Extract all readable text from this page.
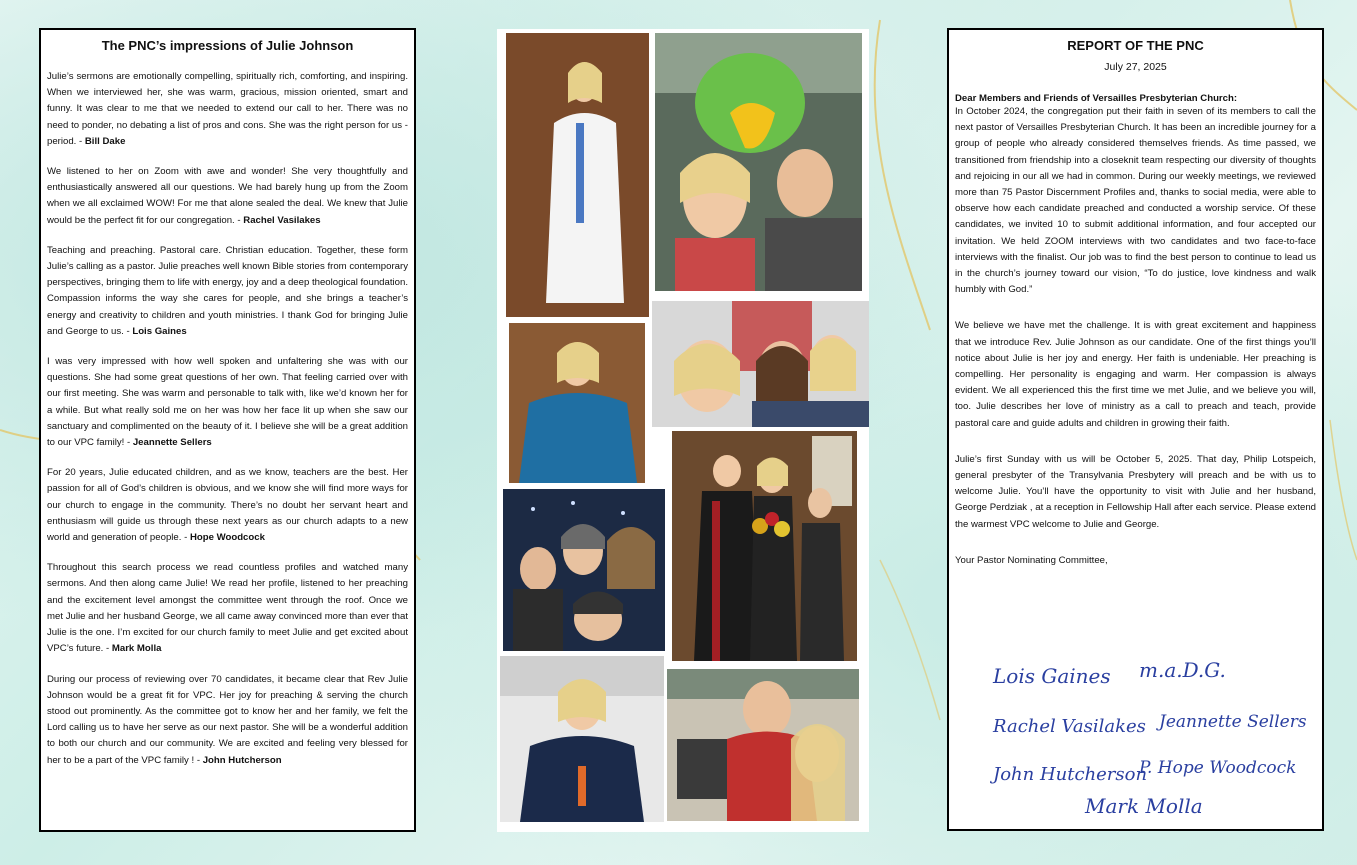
The PNC’s impressions of Julie Johnson

Julie’s sermons are emotionally compelling, spiritually rich, comforting, and inspiring. When we interviewed her, she was warm, gracious, mission oriented, smart and funny. It was clear to me that we needed to extend our call to her. There was no need to ponder, no debating a list of pros and cons. She was the right person for us - period. - Bill Dake

We listened to her on Zoom with awe and wonder! She very thoughtfully and enthusiastically answered all our questions. We had barely hung up from the Zoom when we all exclaimed WOW! For me that alone sealed the deal. We knew that Julie would be the perfect fit for our congregation. - Rachel Vasilakes

Teaching and preaching. Pastoral care. Christian education. Together, these form Julie’s calling as a pastor. Julie preaches well known Bible stories from contemporary perspectives, bringing them to life with energy, joy and a deep theological foundation. Compassion informs the way she cares for people, and she brings a teacher’s energy and creativity to children and youth ministries. I thank God for bringing Julie and George to us. - Lois Gaines

I was very impressed with how well spoken and unfaltering she was with our questions. She had some great questions of her own. That feeling carried over with our first meeting. She was warm and personable to talk with, like we’d known her for a while. But what really sold me on her was how her face lit up when she saw our sanctuary and complimented on the beauty of it. I believe she will be a great addition to our VPC family! - Jeannette Sellers

For 20 years, Julie educated children, and as we know, teachers are the best. Her passion for all of God’s children is obvious, and we know she will find more ways for our church to engage in the community. There’s no doubt her servant heart and enthusiasm will guide us through these next years as our church adapts to a new world and generation of people. - Hope Woodcock

Throughout this search process we read countless profiles and watched many sermons. And then along came Julie! We read her profile, listened to her preaching and the excitement level amongst the committee went through the roof. Once we met Julie and her husband George, we all came away convinced more than ever that Julie is the one. I’m excited for our church family to meet Julie and get excited about VPC’s future. - Mark Molla

During our process of reviewing over 70 candidates, it became clear that Rev Julie Johnson would be a great fit for VPC. Her joy for preaching & serving the church stood out prominently. As the committee got to know her and her family, we felt the Lord calling us to have her serve as our next pastor. She will be a wonderful addition to both our church and our community. We are excited and feeling very blessed for her to be a part of the VPC family ! - John Hutcherson

REPORT OF THE PNC

July 27, 2025

Dear Members and Friends of Versailles Presbyterian Church:

In October 2024, the congregation put their faith in seven of its members to call the next pastor of Versailles Presbyterian Church. It has been an incredible journey for a group of people who already considered themselves friends. As time passed, we transitioned from friendship into a closeknit team respecting our diversity of thoughts and rejoicing in our all we had in common. During our weekly meetings, we reviewed more than 75 Pastor Discernment Profiles and, thanks to social media, were able to observe how each candidate preached and conducted a worship service. Of these candidates, we invited 10 to submit additional information, and four accepted our invitation. We held ZOOM interviews with two candidates and two face-to-face interviews with the finalist. Our job was to find the best person to continue to lead us in the church’s journey toward our vision, “To do justice, love kindness and walk humbly with God.”

We believe we have met the challenge. It is with great excitement and happiness that we introduce Rev. Julie Johnson as our candidate. One of the first things you’ll notice about Julie is her joy and energy. Her faith is undeniable. Her preaching is compelling. Her personality is engaging and warm. Her compassion is always evident. We all experienced this the first time we met Julie, and we believe you will, too. Julie describes her love of ministry as a call to preach and teach, provide pastoral care and guide adults and children in growing their faith.

Julie’s first Sunday with us will be October 5, 2025. That day, Philip Lotspeich, general presbyter of the Transylvania Presbytery will preach and be with us to welcome Julie. You’ll have the opportunity to visit with Julie and her husband, George Perdziak , at a reception in Fellowship Hall after each service. Please extend the warmest VPC welcome to Julie and George.

Your Pastor Nominating Committee,

Lois Gaines m.a.D.G.
Rachel Vasilakes Jeannette Sellers
John Hutcherson
P. Hope Woodcock
Mark Molla
